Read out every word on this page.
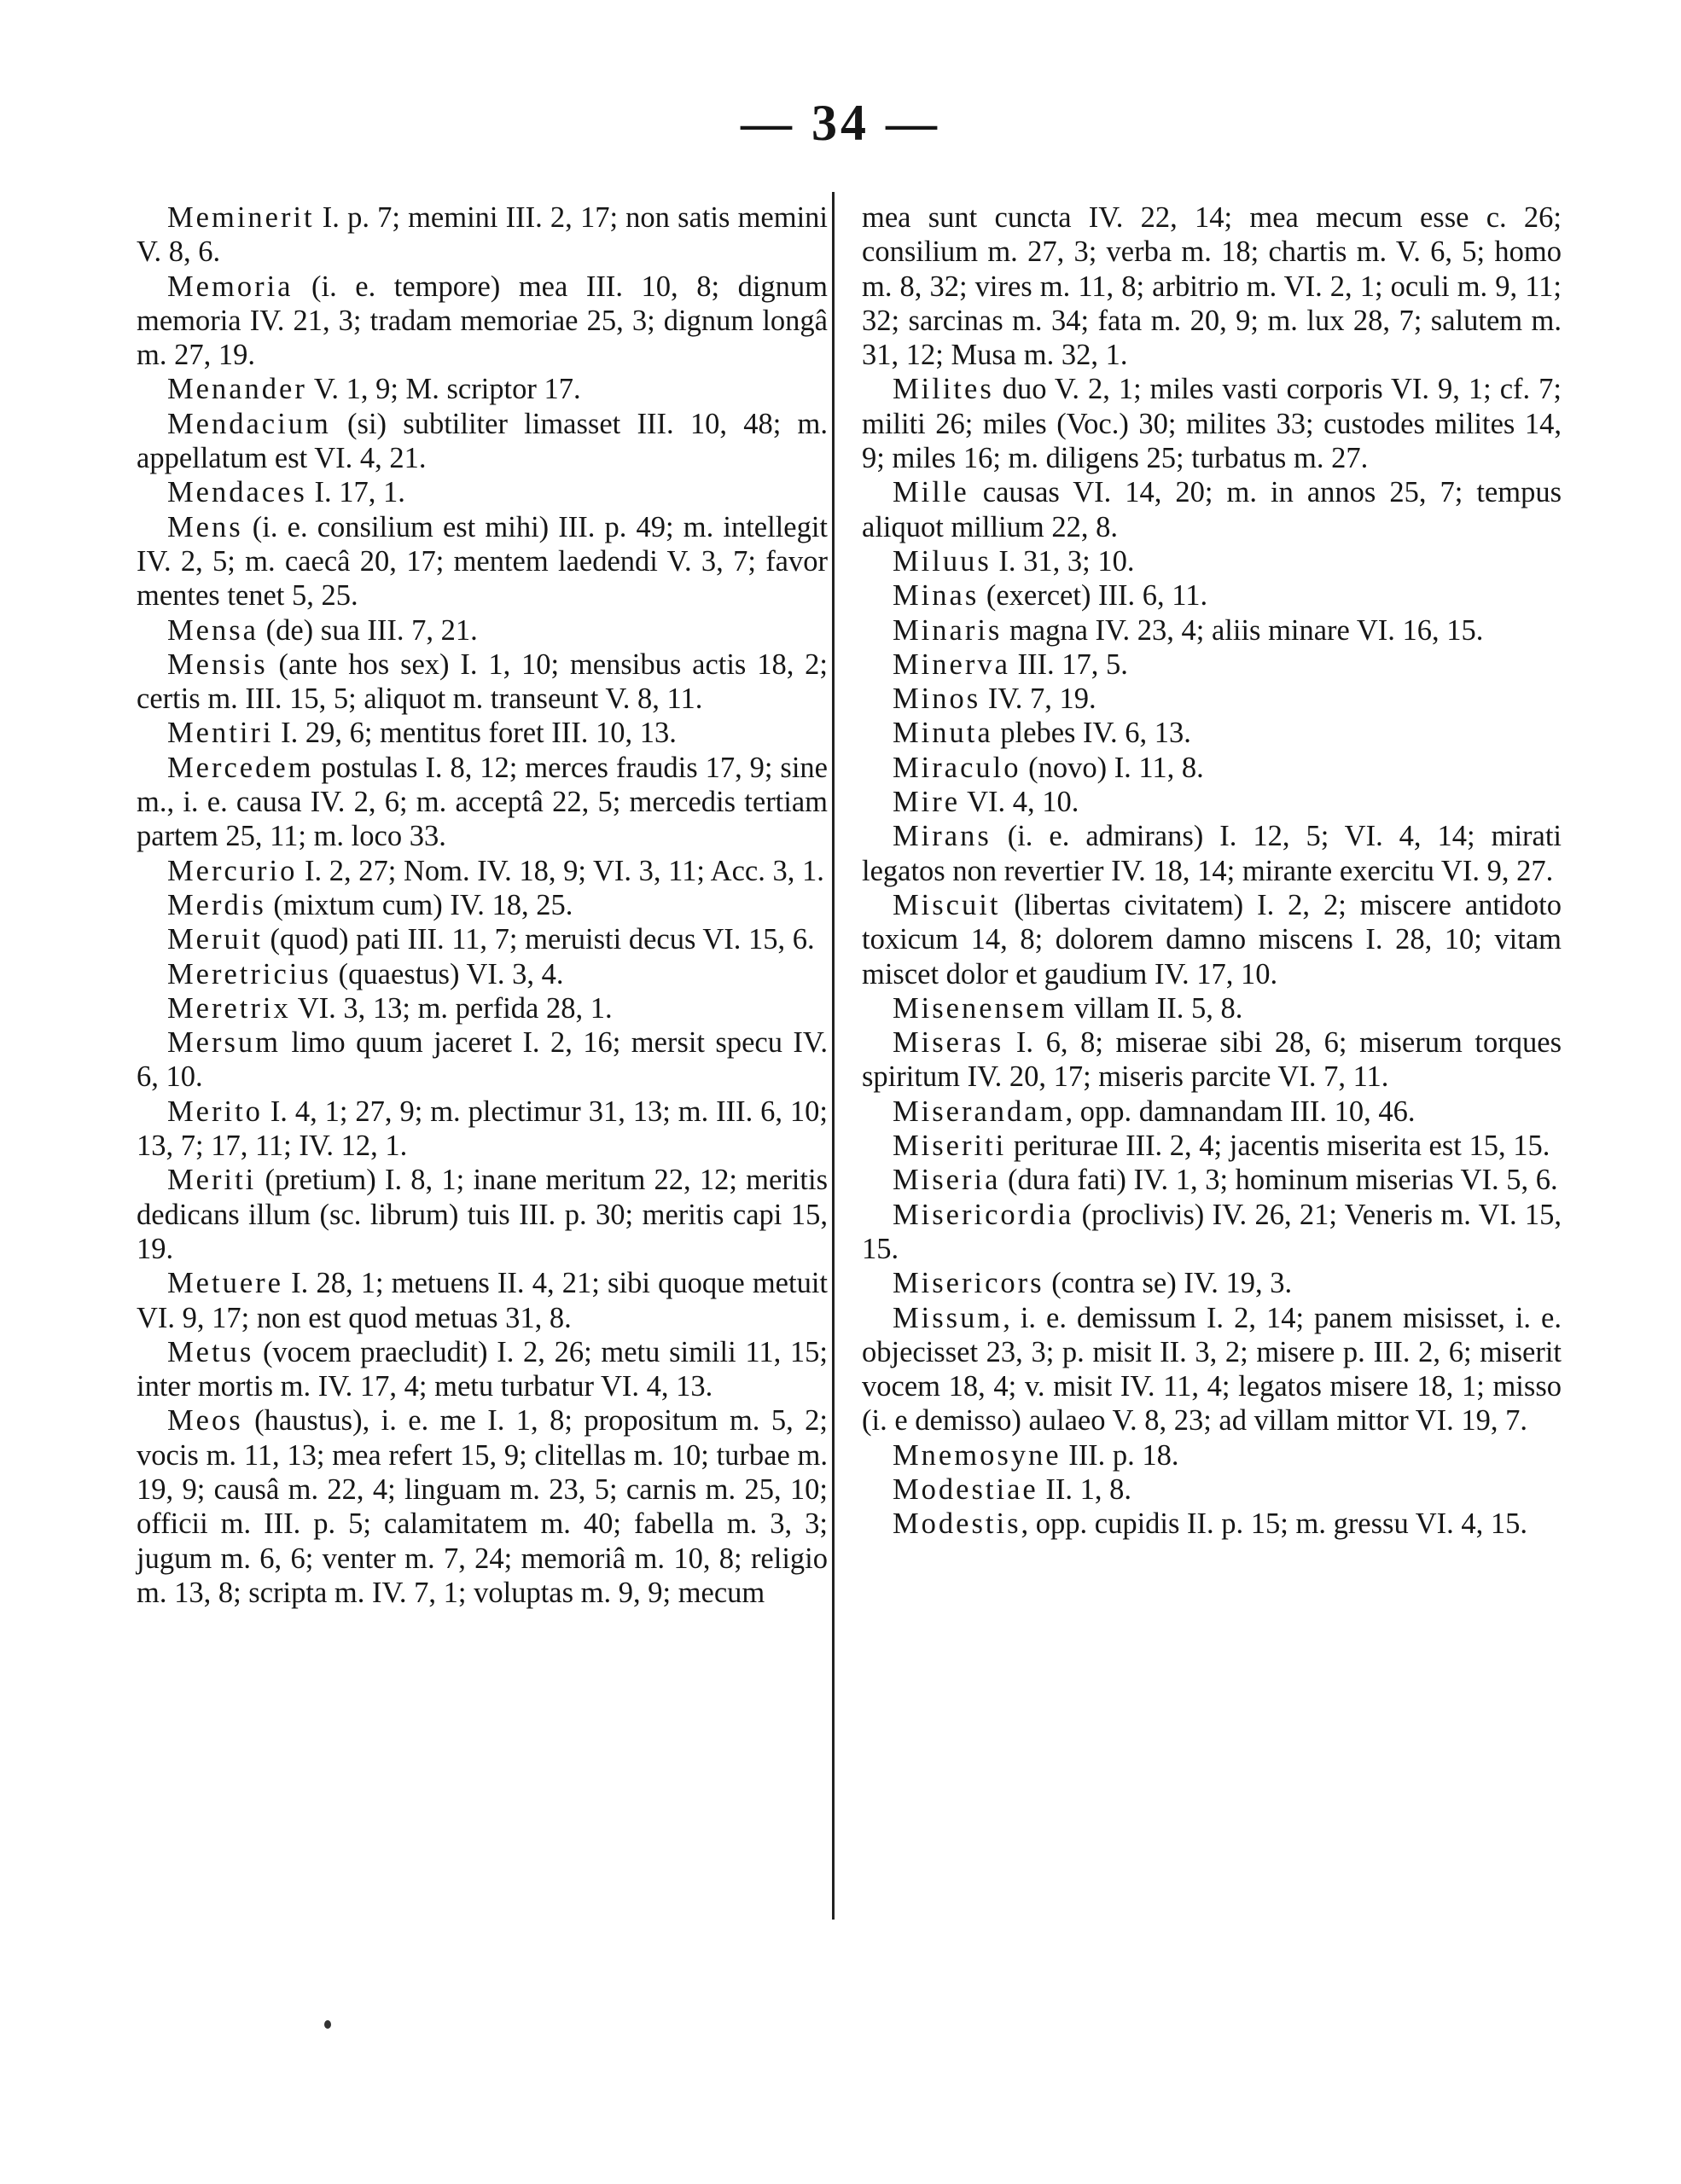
— 34 —

Meminerit I. p. 7; memini III. 2, 17; non satis memini V. 8, 6.

Memoria (i. e. tempore) mea III. 10, 8; dignum memoria IV. 21, 3; tradam memoriae 25, 3; dignum longâ m. 27, 19.

Menander V. 1, 9; M. scriptor 17.

Mendacium (si) subtiliter limasset III. 10, 48; m. appellatum est VI. 4, 21.

Mendaces I. 17, 1.

Mens (i. e. consilium est mihi) III. p. 49; m. intellegit IV. 2, 5; m. caecâ 20, 17; mentem laedendi V. 3, 7; favor mentes tenet 5, 25.

Mensa (de) sua III. 7, 21.

Mensis (ante hos sex) I. 1, 10; mensibus actis 18, 2; certis m. III. 15, 5; aliquot m. transeunt V. 8, 11.

Mentiri I. 29, 6; mentitus foret III. 10, 13.

Mercedem postulas I. 8, 12; merces fraudis 17, 9; sine m., i. e. causa IV. 2, 6; m. acceptâ 22, 5; mercedis tertiam partem 25, 11; m. loco 33.

Mercurio I. 2, 27; Nom. IV. 18, 9; VI. 3, 11; Acc. 3, 1.

Merdis (mixtum cum) IV. 18, 25.

Meruit (quod) pati III. 11, 7; meruisti decus VI. 15, 6.

Meretricius (quaestus) VI. 3, 4.

Meretrix VI. 3, 13; m. perfida 28, 1.

Mersum limo quum jaceret I. 2, 16; mersit specu IV. 6, 10.

Merito I. 4, 1; 27, 9; m. plectimur 31, 13; m. III. 6, 10; 13, 7; 17, 11; IV. 12, 1.

Meriti (pretium) I. 8, 1; inane meritum 22, 12; meritis dedicans illum (sc. librum) tuis III. p. 30; meritis capi 15, 19.

Metuere I. 28, 1; metuens II. 4, 21; sibi quoque metuit VI. 9, 17; non est quod metuas 31, 8.

Metus (vocem praecludit) I. 2, 26; metu simili 11, 15; inter mortis m. IV. 17, 4; metu turbatur VI. 4, 13.

Meos (haustus), i. e. me I. 1, 8; propositum m. 5, 2; vocis m. 11, 13; mea refert 15, 9; clitellas m. 10; turbae m. 19, 9; causâ m. 22, 4; linguam m. 23, 5; carnis m. 25, 10; officii m. III. p. 5; calamitatem m. 40; fabella m. 3, 3; jugum m. 6, 6; venter m. 7, 24; memoriâ m. 10, 8; religio m. 13, 8; scripta m. IV. 7, 1; voluptas m. 9, 9; mecum

mea sunt cuncta IV. 22, 14; mea mecum esse c. 26; consilium m. 27, 3; verba m. 18; chartis m. V. 6, 5; homo m. 8, 32; vires m. 11, 8; arbitrio m. VI. 2, 1; oculi m. 9, 11; 32; sarcinas m. 34; fata m. 20, 9; m. lux 28, 7; salutem m. 31, 12; Musa m. 32, 1.

Milites duo V. 2, 1; miles vasti corporis VI. 9, 1; cf. 7; militi 26; miles (Voc.) 30; milites 33; custodes milites 14, 9; miles 16; m. diligens 25; turbatus m. 27.

Mille causas VI. 14, 20; m. in annos 25, 7; tempus aliquot millium 22, 8.

Miluus I. 31, 3; 10.

Minas (exercet) III. 6, 11.

Minaris magna IV. 23, 4; aliis minare VI. 16, 15.

Minerva III. 17, 5.

Minos IV. 7, 19.

Minuta plebes IV. 6, 13.

Miraculo (novo) I. 11, 8.

Mire VI. 4, 10.

Mirans (i. e. admirans) I. 12, 5; VI. 4, 14; mirati legatos non revertier IV. 18, 14; mirante exercitu VI. 9, 27.

Miscuit (libertas civitatem) I. 2, 2; miscere antidoto toxicum 14, 8; dolorem damno miscens I. 28, 10; vitam miscet dolor et gaudium IV. 17, 10.

Misenensem villam II. 5, 8.

Miseras I. 6, 8; miserae sibi 28, 6; miserum torques spiritum IV. 20, 17; miseris parcite VI. 7, 11.

Miserandam, opp. damnandam III. 10, 46.

Miseriti periturae III. 2, 4; jacentis miserita est 15, 15.

Miseria (dura fati) IV. 1, 3; hominum miserias VI. 5, 6.

Misericordia (proclivis) IV. 26, 21; Veneris m. VI. 15, 15.

Misericors (contra se) IV. 19, 3.

Missum, i. e. demissum I. 2, 14; panem misisset, i. e. objecisset 23, 3; p. misit II. 3, 2; misere p. III. 2, 6; miserit vocem 18, 4; v. misit IV. 11, 4; legatos misere 18, 1; misso (i. e demisso) aulaeo V. 8, 23; ad villam mittor VI. 19, 7.

Mnemosyne III. p. 18.

Modestiae II. 1, 8.

Modestis, opp. cupidis II. p. 15; m. gressu VI. 4, 15.
